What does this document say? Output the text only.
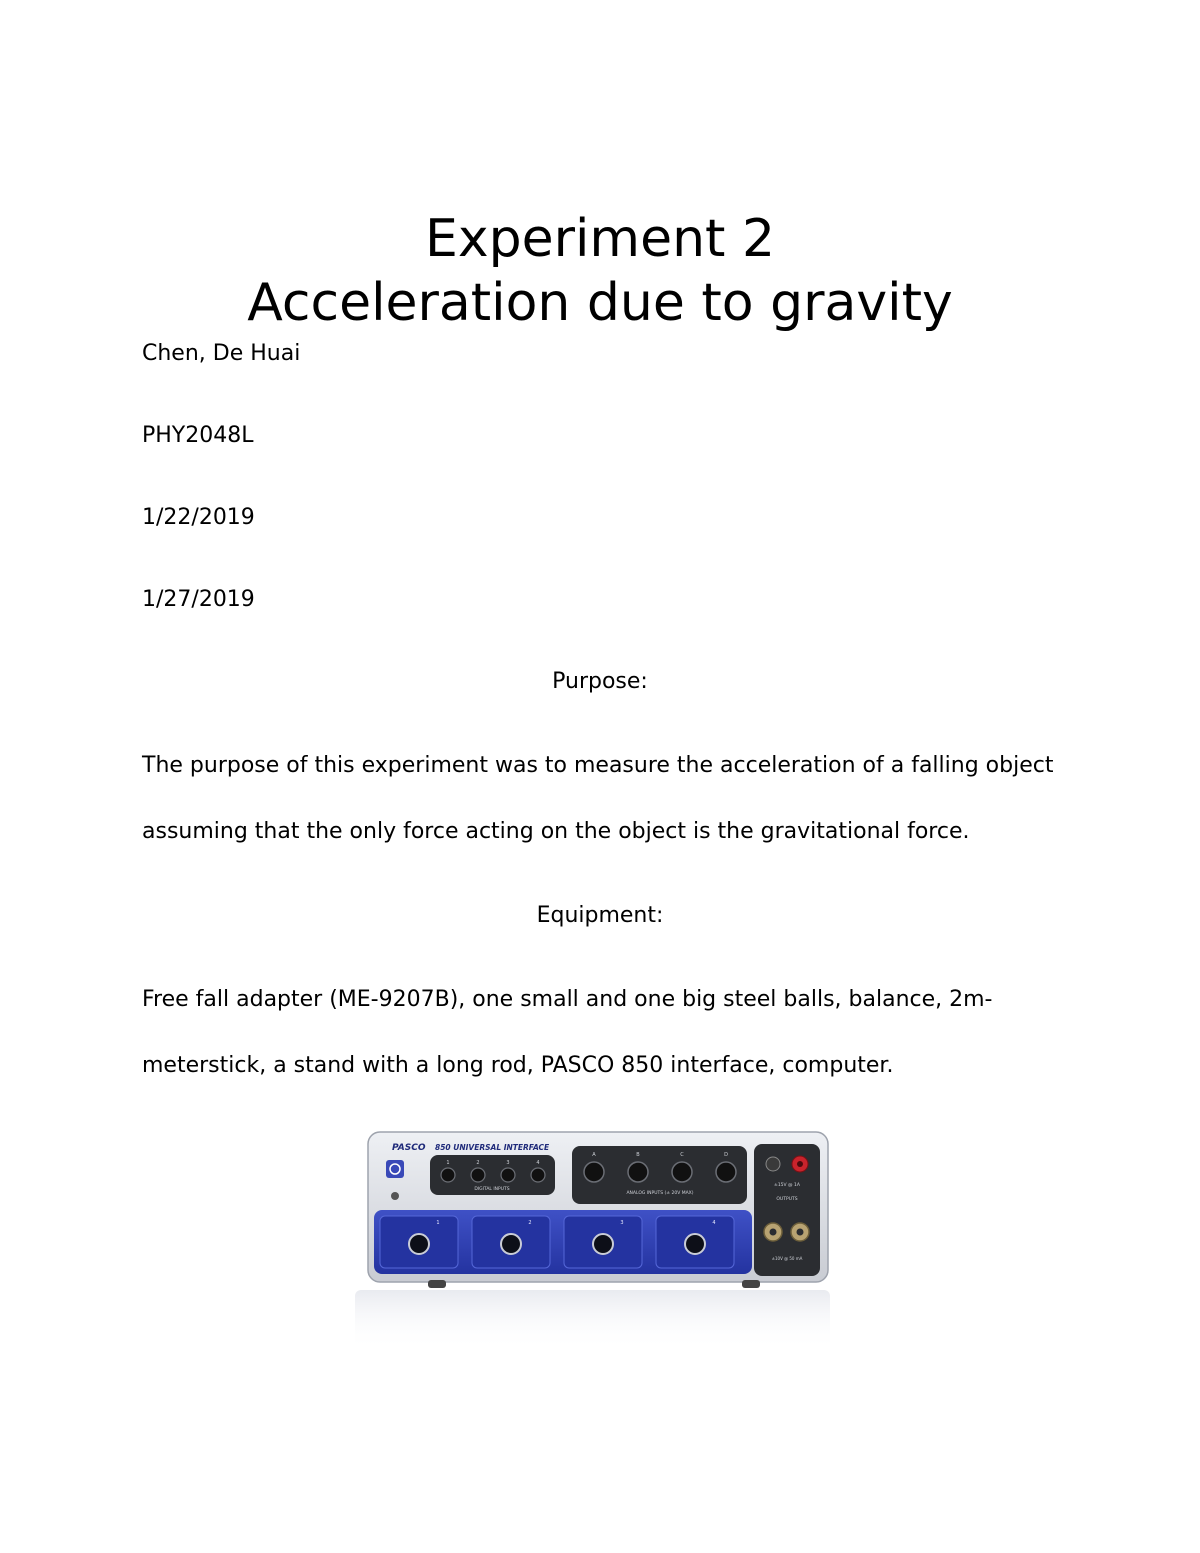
Experiment 2
Acceleration due to gravity

Chen, De Huai

PHY2048L

1/22/2019

1/27/2019

Purpose:

The purpose of this experiment was to measure the acceleration of a falling object

assuming that the only force acting on the object is the gravitational force.

Equipment:

Free fall adapter (ME-9207B), one small and one big steel balls, balance, 2m-

meterstick, a stand with a long rod, PASCO 850 interface, computer.

PASCO 850 UNIVERSAL INTERFACE
1	2	3	4
DIGITAL INPUTS
A	B	C	D
ANALOG INPUTS (± 20V MAX)
1	2	3	4
±15V @ 1A
OUTPUTS
±10V @ 50 mA
